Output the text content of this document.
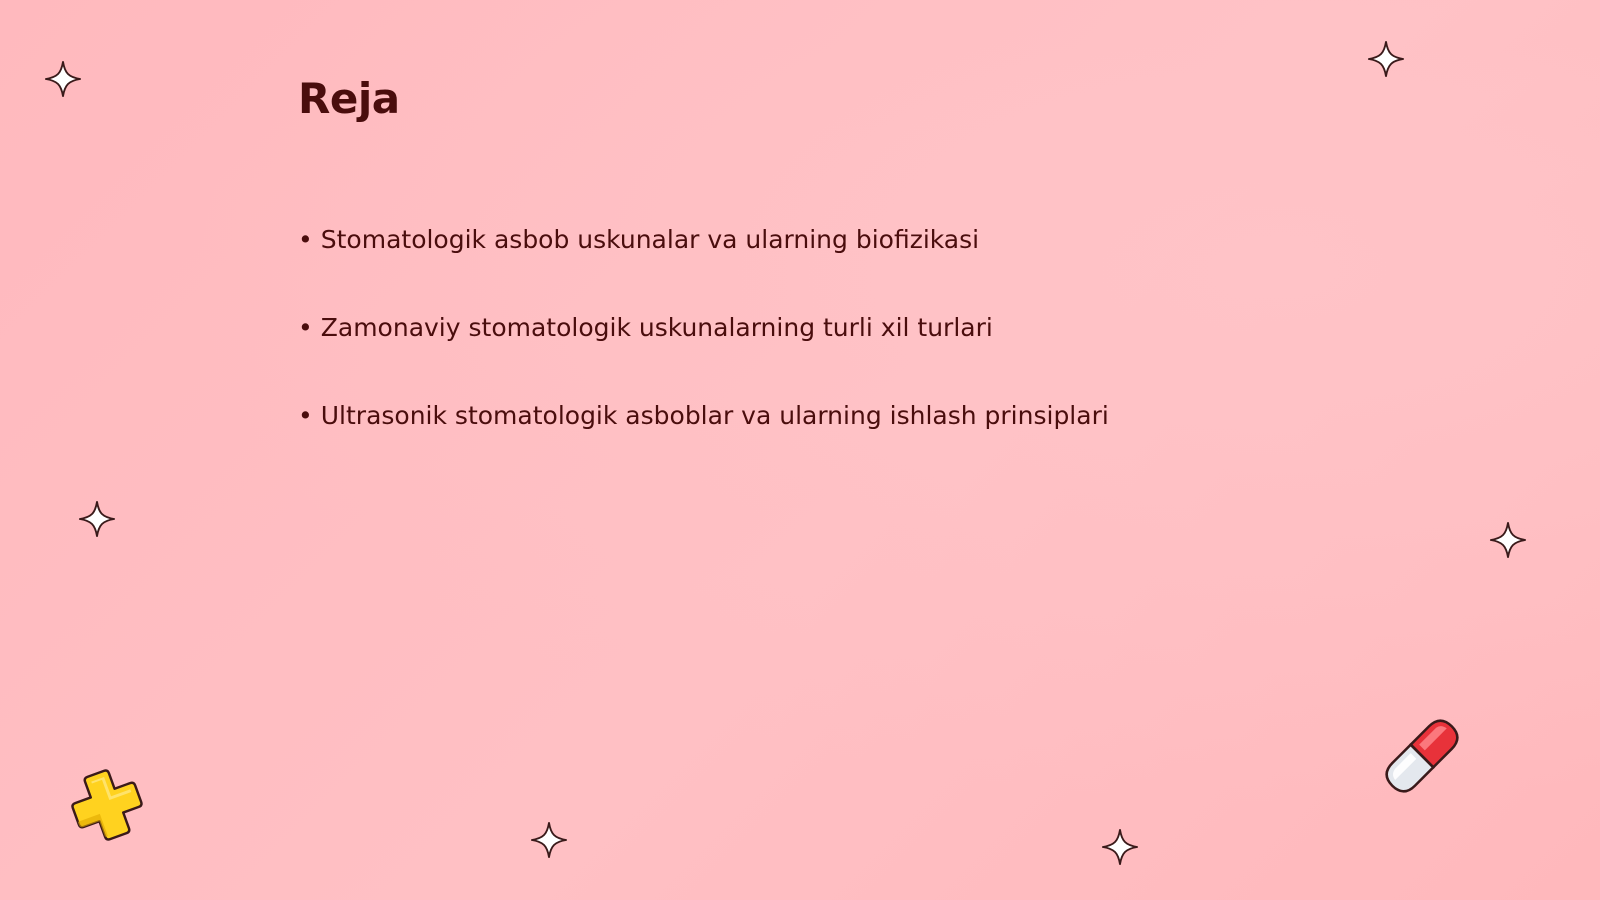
Reja
• Stomatologik asbob uskunalar va ularning biofizikasi
• Zamonaviy stomatologik uskunalarning turli xil turlari
• Ultrasonik stomatologik asboblar va ularning ishlash prinsiplari
